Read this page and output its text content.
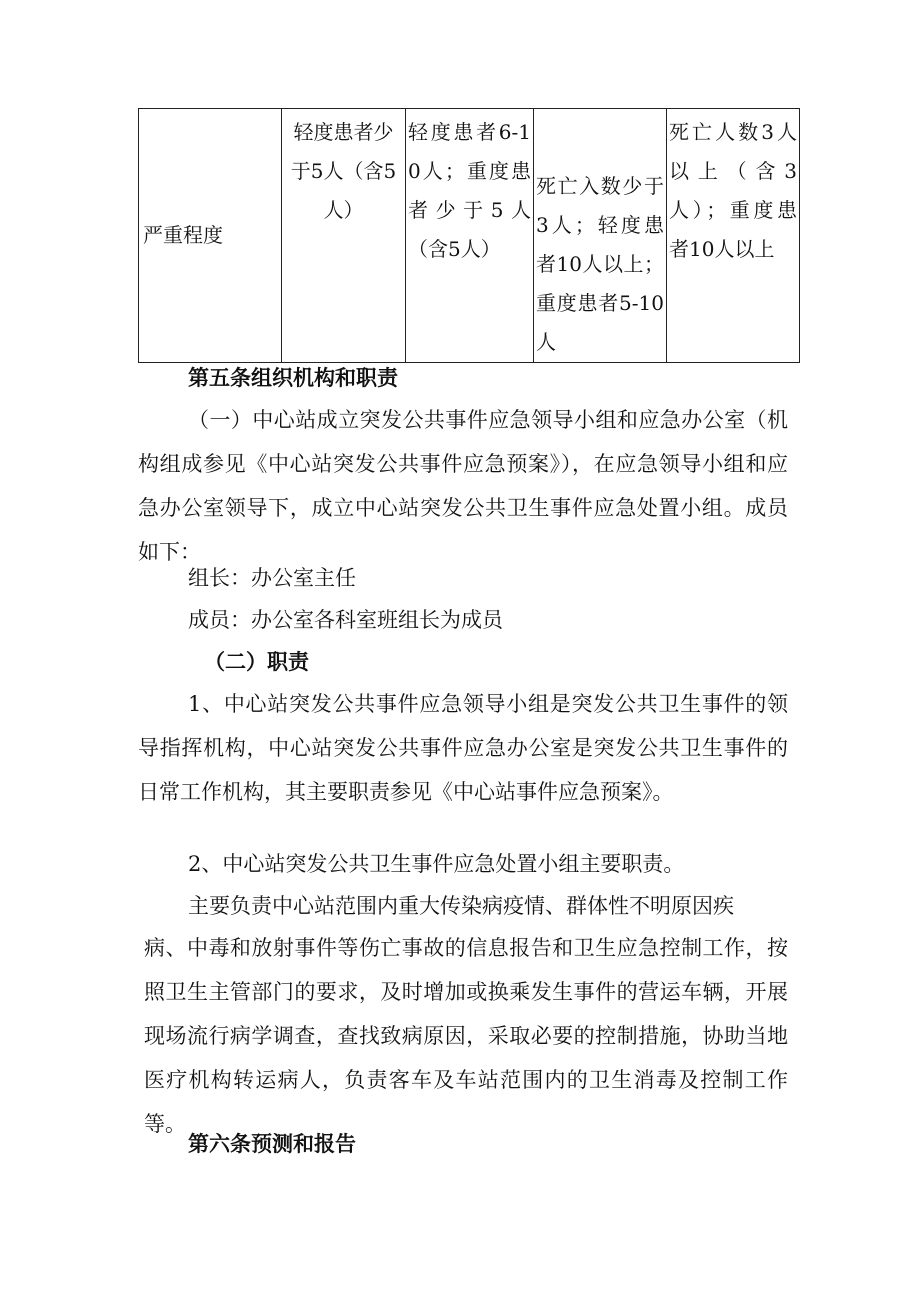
严重程度	轻度患者少于5人（含5人）	轻度患者6-10人；重度患者少于5人（含5人）	死亡入数少于3人；轻度患者10人以上；重度患者5-10人	死亡人数3人以上（含3人）；重度患者10人以上

第五条组织机构和职责

（一）中心站成立突发公共事件应急领导小组和应急办公室（机构组成参见《中心站突发公共事件应急预案》），在应急领导小组和应急办公室领导下，成立中心站突发公共卫生事件应急处置小组。成员如下：

组长：办公室主任

成员：办公室各科室班组长为成员

（二）职责

1、中心站突发公共事件应急领导小组是突发公共卫生事件的领导指挥机构，中心站突发公共事件应急办公室是突发公共卫生事件的日常工作机构，其主要职责参见《中心站事件应急预案》。

2、中心站突发公共卫生事件应急处置小组主要职责。

主要负责中心站范围内重大传染病疫情、群体性不明原因疾

病、中毒和放射事件等伤亡事故的信息报告和卫生应急控制工作，按照卫生主管部门的要求，及时增加或换乘发生事件的营运车辆，开展现场流行病学调查，查找致病原因，采取必要的控制措施，协助当地医疗机构转运病人，负责客车及车站范围内的卫生消毒及控制工作等。

第六条预测和报告
